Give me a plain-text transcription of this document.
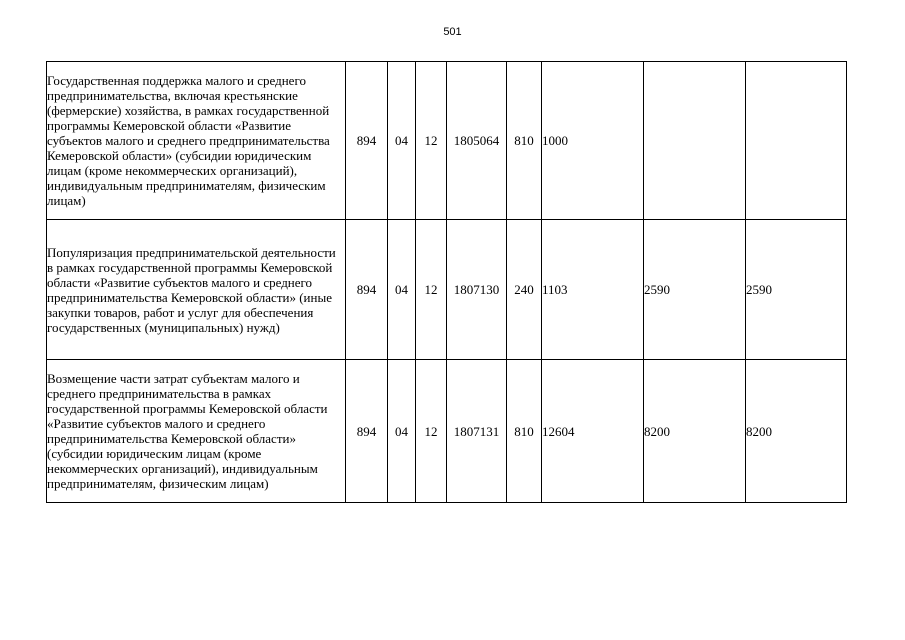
501
Государственная поддержка малого и среднего предпринимательства, включая крестьянские (фермерские) хозяйства, в рамках государственной программы Кемеровской области «Развитие субъектов малого и среднего предпринимательства Кемеровской области» (субсидии юридическим лицам (кроме некоммерческих организаций), индивидуальным предпринимателям, физическим лицам)	894	04	12	1805064	810	1000		
Популяризация предпринимательской деятельности в рамках государственной программы Кемеровской области «Развитие субъектов малого и среднего предпринимательства Кемеровской области» (иные закупки товаров, работ и услуг для обеспечения государственных (муниципальных) нужд)	894	04	12	1807130	240	1103	2590	2590
Возмещение части затрат субъектам малого и среднего предпринимательства в рамках государственной программы Кемеровской области «Развитие субъектов малого и среднего предпринимательства Кемеровской области» (субсидии юридическим лицам (кроме некоммерческих организаций), индивидуальным предпринимателям, физическим лицам)	894	04	12	1807131	810	12604	8200	8200
